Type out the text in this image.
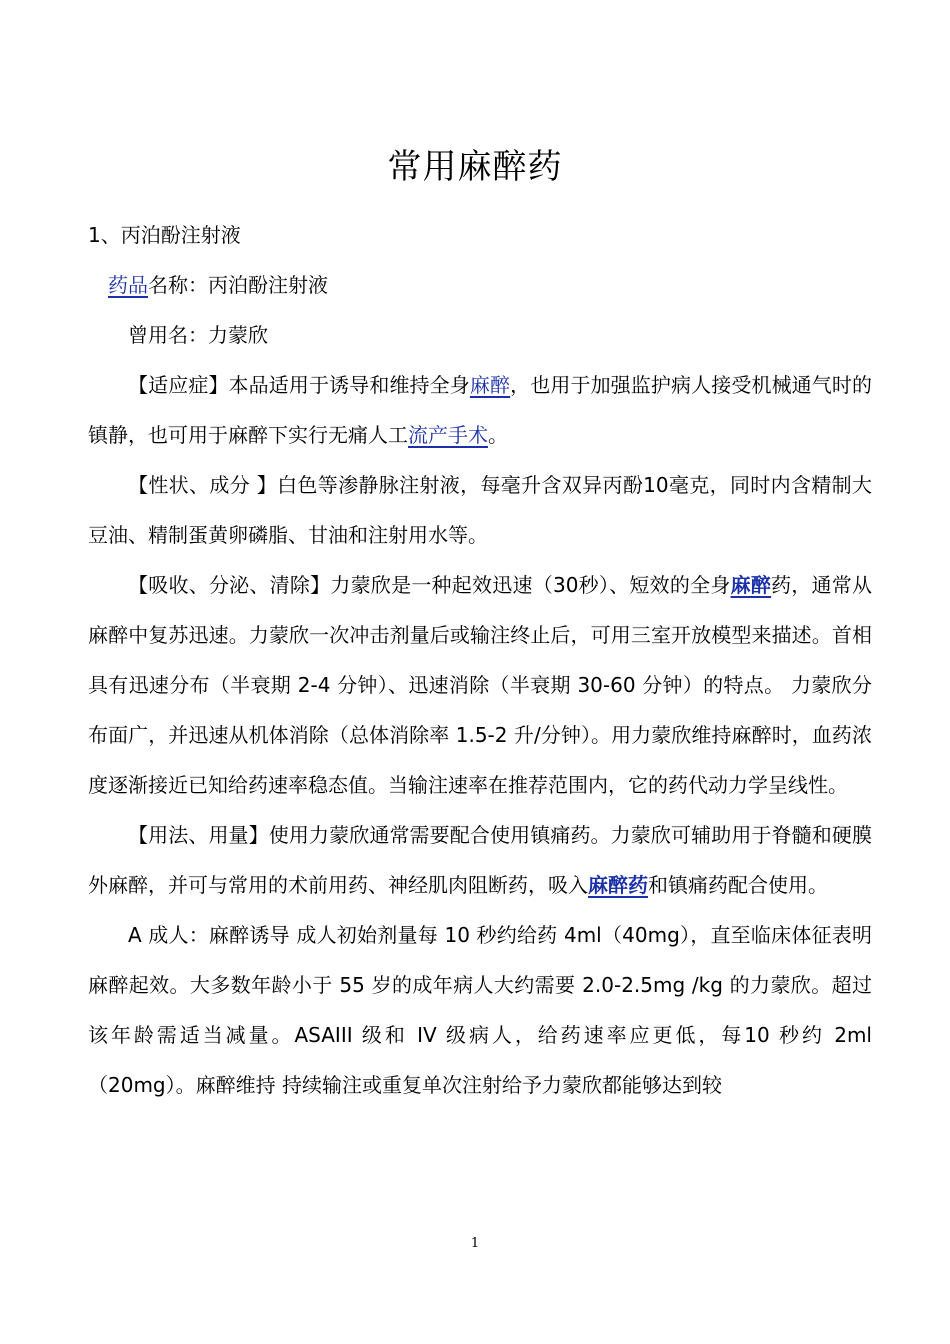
常用麻醉药

1、丙泊酚注射液

药品名称：丙泊酚注射液

曾用名：力蒙欣

【适应症】本品适用于诱导和维持全身麻醉，也用于加强监护病人接受机械通气时的镇静，也可用于麻醉下实行无痛人工流产手术。

【性状、成分 】白色等渗静脉注射液，每毫升含双异丙酚10毫克，同时内含精制大豆油、精制蛋黄卵磷脂、甘油和注射用水等。

【吸收、分泌、清除】力蒙欣是一种起效迅速（30秒）、短效的全身麻醉药，通常从麻醉中复苏迅速。力蒙欣一次冲击剂量后或输注终止后，可用三室开放模型来描述。首相具有迅速分布（半衰期 2-4 分钟）、迅速消除（半衰期 30-60 分钟）的特点。 力蒙欣分布面广，并迅速从机体消除（总体消除率 1.5-2 升/分钟）。用力蒙欣维持麻醉时，血药浓度逐渐接近已知给药速率稳态值。当输注速率在推荐范围内，它的药代动力学呈线性。

【用法、用量】使用力蒙欣通常需要配合使用镇痛药。力蒙欣可辅助用于脊髓和硬膜外麻醉，并可与常用的术前用药、神经肌肉阻断药，吸入麻醉药和镇痛药配合使用。

A 成人：麻醉诱导 成人初始剂量每 10 秒约给药 4ml（40mg），直至临床体征表明麻醉起效。大多数年龄小于 55 岁的成年病人大约需要 2.0-2.5mg /kg 的力蒙欣。超过该年龄需适当减量。ASAIII 级和 IV 级病人，给药速率应更低，每10 秒约 2ml（20mg）。麻醉维持 持续输注或重复单次注射给予力蒙欣都能够达到较

1
